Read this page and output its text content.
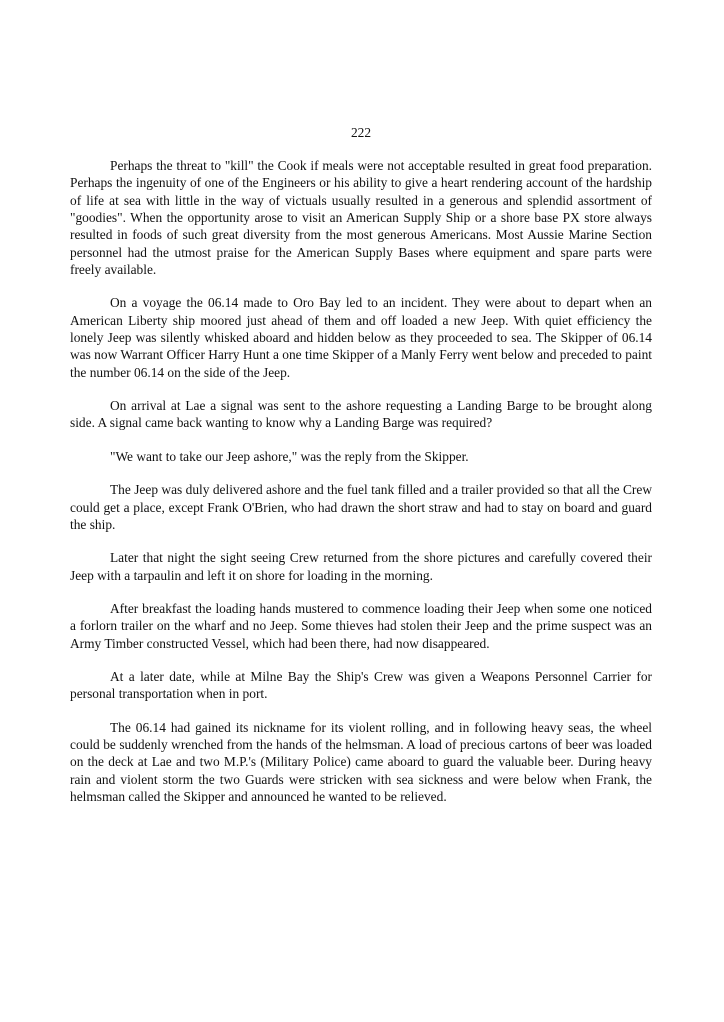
222

Perhaps the threat to "kill" the Cook if meals were not acceptable resulted in great food preparation. Perhaps the ingenuity of one of the Engineers or his ability to give a heart rendering account of the hardship of life at sea with little in the way of victuals usually resulted in a generous and splendid assortment of "goodies". When the opportunity arose to visit an American Supply Ship or a shore base PX store always resulted in foods of such great diversity from the most generous Americans. Most Aussie Marine Section personnel had the utmost praise for the American Supply Bases where equipment and spare parts were freely available.

On a voyage the 06.14 made to Oro Bay led to an incident. They were about to depart when an American Liberty ship moored just ahead of them and off loaded a new Jeep. With quiet efficiency the lonely Jeep was silently whisked aboard and hidden below as they proceeded to sea. The Skipper of 06.14 was now Warrant Officer Harry Hunt a one time Skipper of a Manly Ferry went below and preceded to paint the number 06.14 on the side of the Jeep.

On arrival at Lae a signal was sent to the ashore requesting a Landing Barge to be brought along side. A signal came back wanting to know why a Landing Barge was required?

"We want to take our Jeep ashore," was the reply from the Skipper.

The Jeep was duly delivered ashore and the fuel tank filled and a trailer provided so that all the Crew could get a place, except Frank O'Brien, who had drawn the short straw and had to stay on board and guard the ship.

Later that night the sight seeing Crew returned from the shore pictures and carefully covered their Jeep with a tarpaulin and left it on shore for loading in the morning.

After breakfast the loading hands mustered to commence loading their Jeep when some one noticed a forlorn trailer on the wharf and no Jeep. Some thieves had stolen their Jeep and the prime suspect was an Army Timber constructed Vessel, which had been there, had now disappeared.

At a later date, while at Milne Bay the Ship's Crew was given a Weapons Personnel Carrier for personal transportation when in port.

The 06.14 had gained its nickname for its violent rolling, and in following heavy seas, the wheel could be suddenly wrenched from the hands of the helmsman. A load of precious cartons of beer was loaded on the deck at Lae and two M.P.'s (Military Police) came aboard to guard the valuable beer. During heavy rain and violent storm the two Guards were stricken with sea sickness and were below when Frank, the helmsman called the Skipper and announced he wanted to be relieved.
